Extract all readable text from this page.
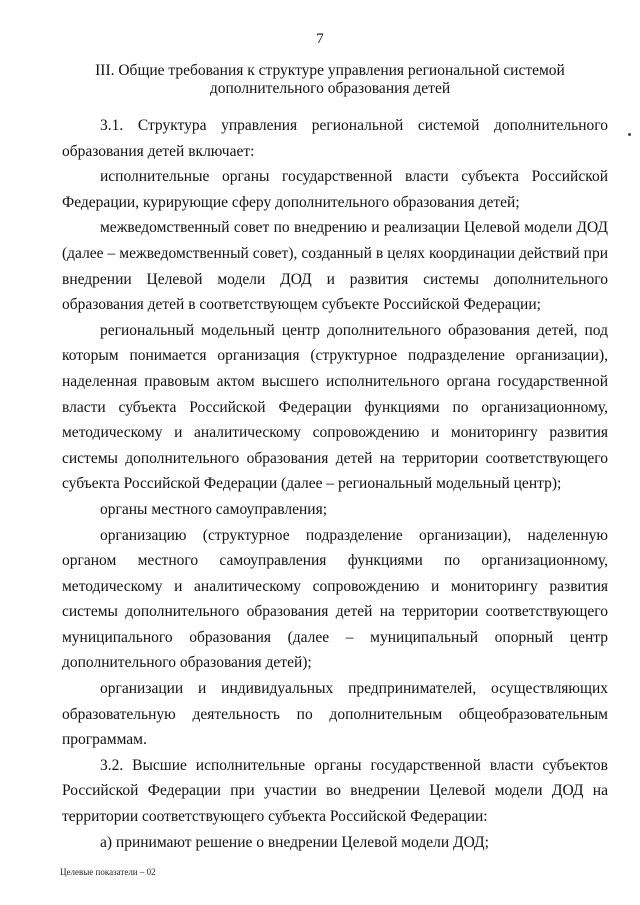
7
III. Общие требования к структуре управления региональной системой
дополнительного образования детей

3.1. Структура управления региональной системой дополнительного образования детей включает:

исполнительные органы государственной власти субъекта Российской Федерации, курирующие сферу дополнительного образования детей;

межведомственный совет по внедрению и реализации Целевой модели ДОД (далее – межведомственный совет), созданный в целях координации действий при внедрении Целевой модели ДОД и развития системы дополнительного образования детей в соответствующем субъекте Российской Федерации;

региональный модельный центр дополнительного образования детей, под которым понимается организация (структурное подразделение организации), наделенная правовым актом высшего исполнительного органа государственной власти субъекта Российской Федерации функциями по организационному, методическому и аналитическому сопровождению и мониторингу развития системы дополнительного образования детей на территории соответствующего субъекта Российской Федерации (далее – региональный модельный центр);

органы местного самоуправления;

организацию (структурное подразделение организации), наделенную органом местного самоуправления функциями по организационному, методическому и аналитическому сопровождению и мониторингу развития системы дополнительного образования детей на территории соответствующего муниципального образования (далее – муниципальный опорный центр дополнительного образования детей);

организации и индивидуальных предпринимателей, осуществляющих образовательную деятельность по дополнительным общеобразовательным программам.

3.2. Высшие исполнительные органы государственной власти субъектов Российской Федерации при участии во внедрении Целевой модели ДОД на территории соответствующего субъекта Российской Федерации:

а) принимают решение о внедрении Целевой модели ДОД;

Целевые показатели – 02
